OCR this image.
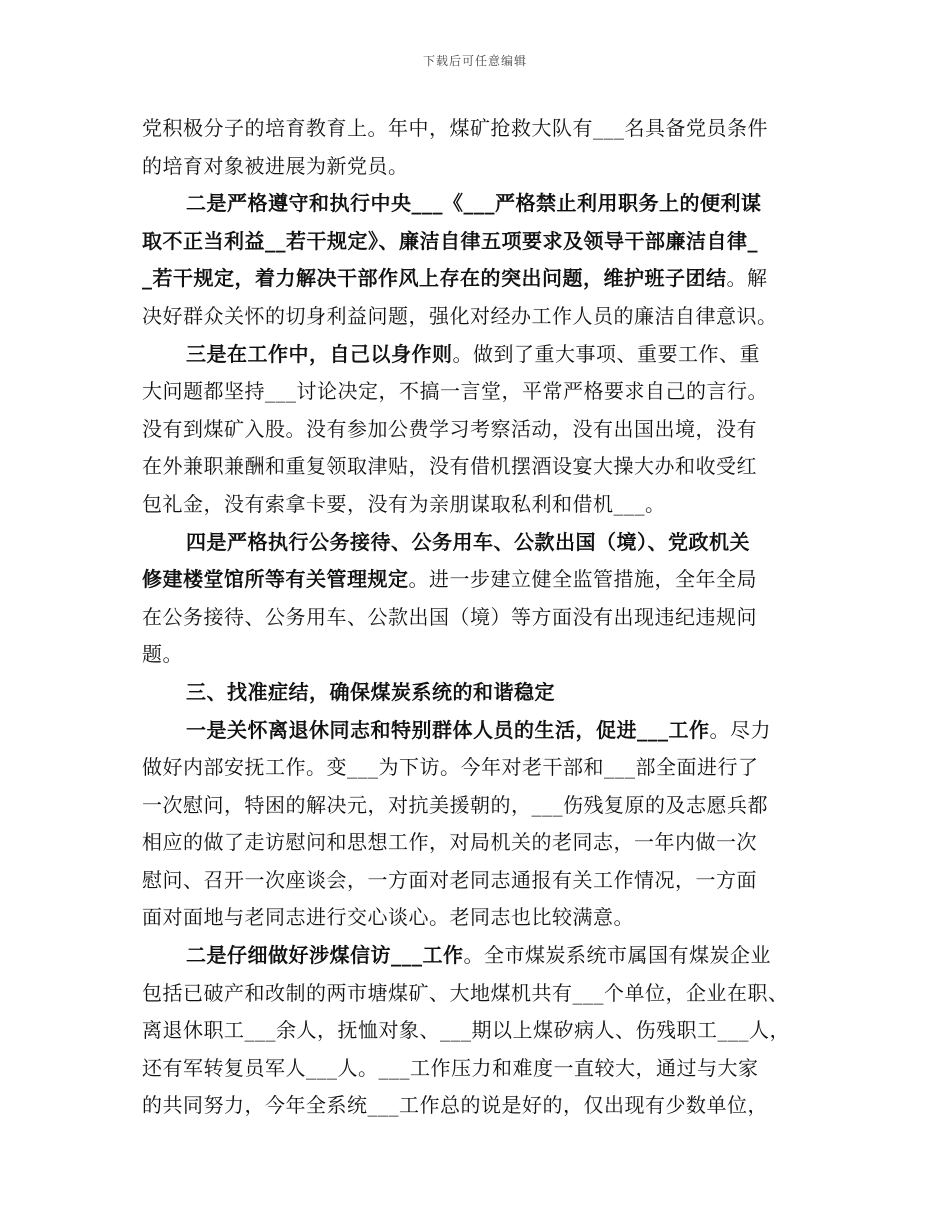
下载后可任意编辑
党积极分子的培育教育上。年中，煤矿抢救大队有___名具备党员条件
的培育对象被进展为新党员。
二是严格遵守和执行中央___《___严格禁止利用职务上的便利谋
取不正当利益__若干规定》、廉洁自律五项要求及领导干部廉洁自律_
_若干规定，着力解决干部作风上存在的突出问题，维护班子团结。解
决好群众关怀的切身利益问题，强化对经办工作人员的廉洁自律意识。
三是在工作中，自己以身作则。做到了重大事项、重要工作、重
大问题都坚持___讨论决定，不搞一言堂，平常严格要求自己的言行。
没有到煤矿入股。没有参加公费学习考察活动，没有出国出境，没有
在外兼职兼酬和重复领取津贴，没有借机摆酒设宴大操大办和收受红
包礼金，没有索拿卡要，没有为亲朋谋取私利和借机___。
四是严格执行公务接待、公务用车、公款出国（境）、党政机关
修建楼堂馆所等有关管理规定。进一步建立健全监管措施，全年全局
在公务接待、公务用车、公款出国（境）等方面没有出现违纪违规问
题。
三、找准症结，确保煤炭系统的和谐稳定
一是关怀离退休同志和特别群体人员的生活，促进___工作。尽力
做好内部安抚工作。变___为下访。今年对老干部和___部全面进行了
一次慰问，特困的解决元，对抗美援朝的，___伤残复原的及志愿兵都
相应的做了走访慰问和思想工作，对局机关的老同志，一年内做一次
慰问、召开一次座谈会，一方面对老同志通报有关工作情况，一方面
面对面地与老同志进行交心谈心。老同志也比较满意。
二是仔细做好涉煤信访___工作。全市煤炭系统市属国有煤炭企业
包括已破产和改制的两市塘煤矿、大地煤机共有___个单位，企业在职、
离退休职工___余人，抚恤对象、___期以上煤矽病人、伤残职工___人，
还有军转复员军人___人。___工作压力和难度一直较大，通过与大家
的共同努力，今年全系统___工作总的说是好的，仅出现有少数单位，
